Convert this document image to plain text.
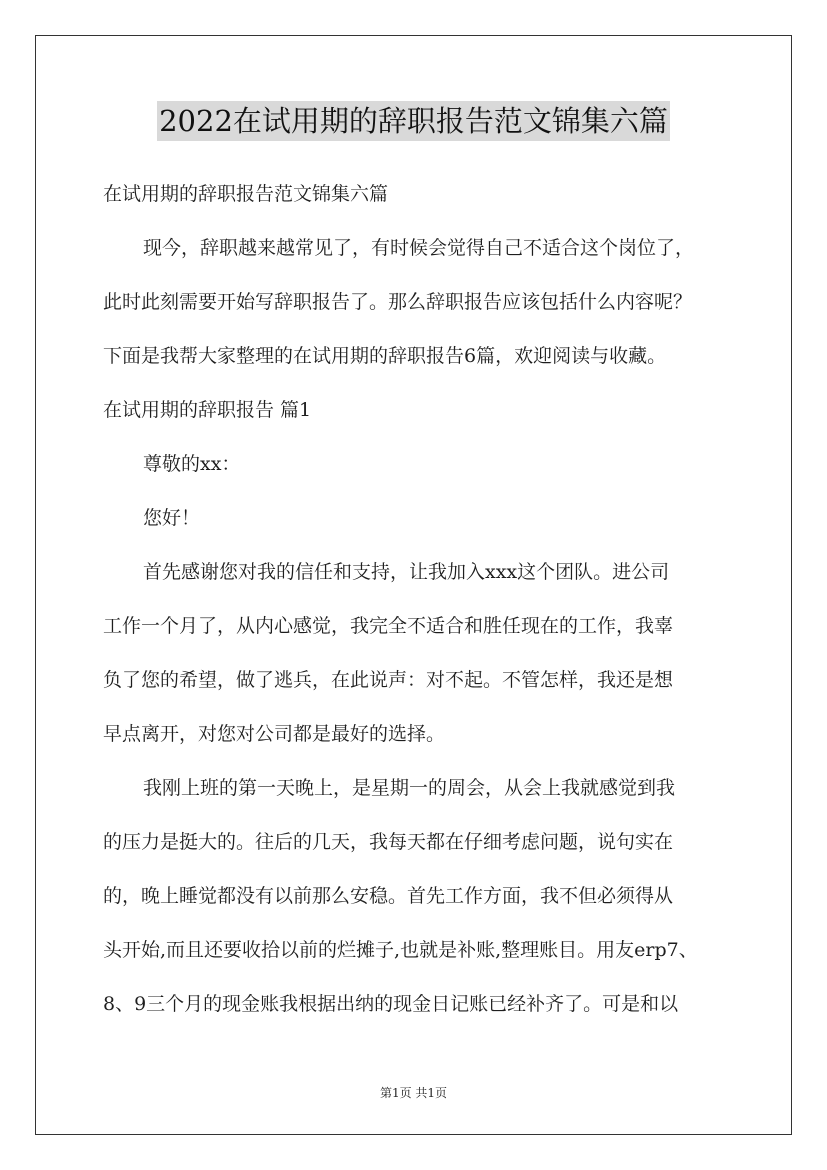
2022在试用期的辞职报告范文锦集六篇
在试用期的辞职报告范文锦集六篇
现今，辞职越来越常见了，有时候会觉得自己不适合这个岗位了，
此时此刻需要开始写辞职报告了。那么辞职报告应该包括什么内容呢？
下面是我帮大家整理的在试用期的辞职报告6篇，欢迎阅读与收藏。
在试用期的辞职报告 篇1
尊敬的xx：
您好！
首先感谢您对我的信任和支持，让我加入xxx这个团队。进公司
工作一个月了，从内心感觉，我完全不适合和胜任现在的工作，我辜
负了您的希望，做了逃兵，在此说声：对不起。不管怎样，我还是想
早点离开，对您对公司都是最好的选择。
我刚上班的第一天晚上，是星期一的周会，从会上我就感觉到我
的压力是挺大的。往后的几天，我每天都在仔细考虑问题，说句实在
的，晚上睡觉都没有以前那么安稳。首先工作方面，我不但必须得从
头开始,而且还要收拾以前的烂摊子,也就是补账,整理账目。用友erp7、
8、9三个月的现金账我根据出纳的现金日记账已经补齐了。可是和以
第1页 共1页
